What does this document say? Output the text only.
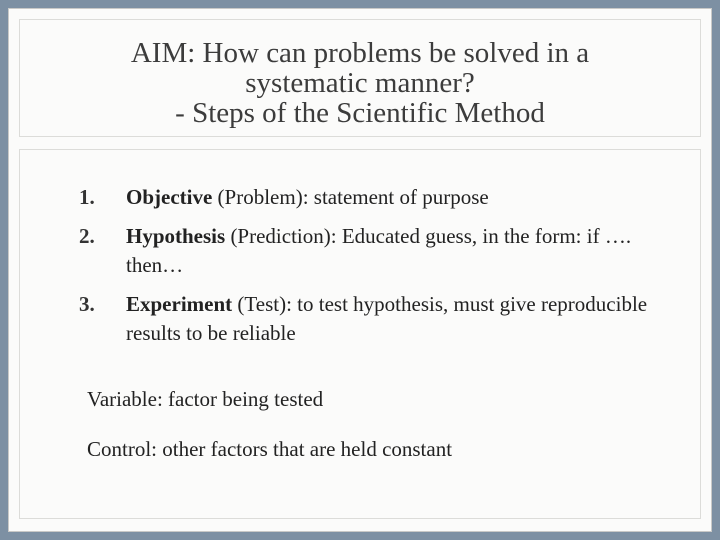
AIM: How can problems be solved in a
systematic manner?
- Steps of the Scientific Method
1. Objective (Problem): statement of purpose
2. Hypothesis (Prediction): Educated guess, in the form: if …. then…
3. Experiment (Test): to test hypothesis, must give reproducible results to be reliable

Variable: factor being tested

Control: other factors that are held constant
